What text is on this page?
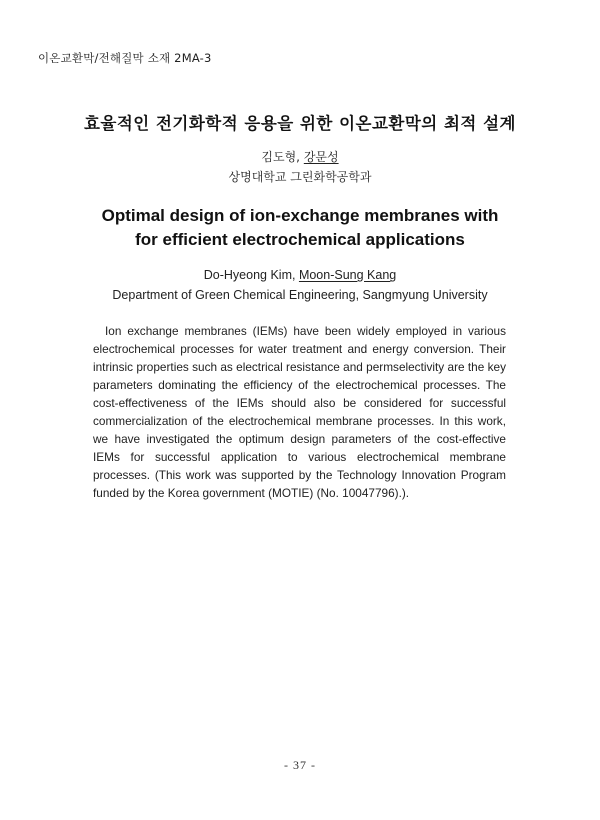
이온교환막/전해질막 소재 2MA-3
효율적인 전기화학적 응용을 위한 이온교환막의 최적 설계
김도형, 강문성
상명대학교 그린화학공학과
Optimal design of ion-exchange membranes with
for efficient electrochemical applications
Do-Hyeong Kim, Moon-Sung Kang
Department of Green Chemical Engineering, Sangmyung University

Ion exchange membranes (IEMs) have been widely employed in various electrochemical processes for water treatment and energy conversion. Their intrinsic properties such as electrical resistance and permselectivity are the key parameters dominating the efficiency of the electrochemical processes. The cost-effectiveness of the IEMs should also be considered for successful commercialization of the electrochemical membrane processes. In this work, we have investigated the optimum design parameters of the cost-effective IEMs for successful application to various electrochemical membrane processes. (This work was supported by the Technology Innovation Program funded by the Korea government (MOTIE) (No. 10047796).).

- 37 -
